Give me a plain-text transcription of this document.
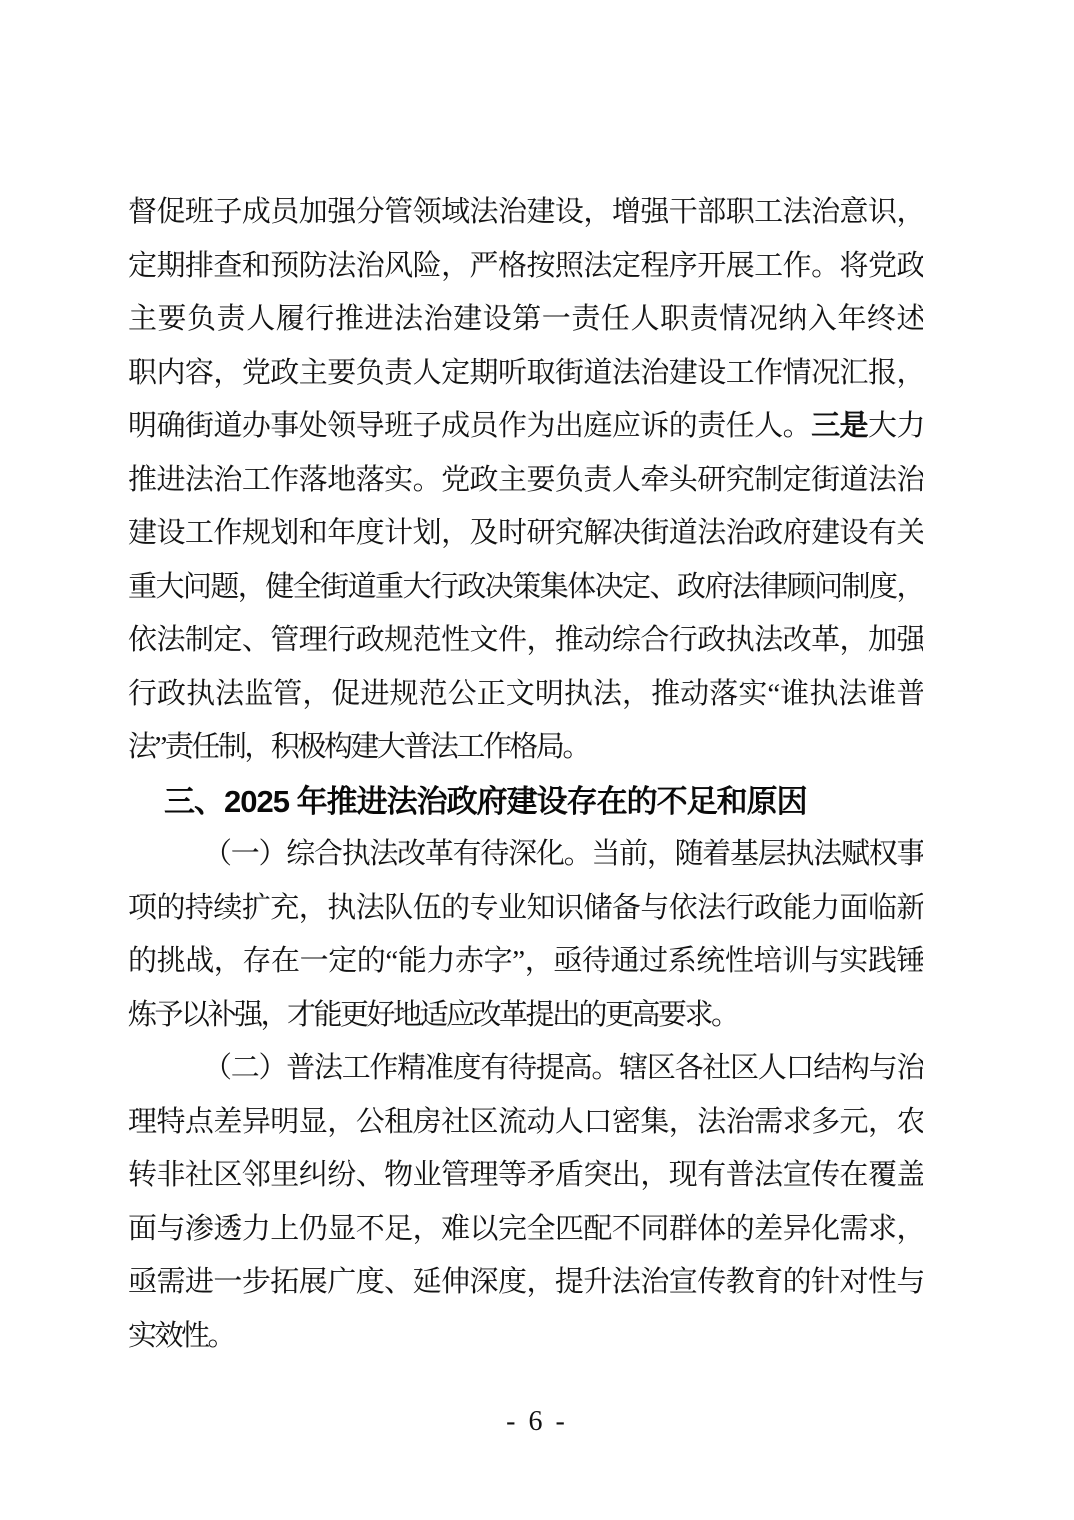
督促班子成员加强分管领域法治建设，增强干部职工法治意识，

定期排查和预防法治风险，严格按照法定程序开展工作。将党政

主要负责人履行推进法治建设第一责任人职责情况纳入年终述

职内容，党政主要负责人定期听取街道法治建设工作情况汇报，

明确街道办事处领导班子成员作为出庭应诉的责任人。三是大力

推进法治工作落地落实。党政主要负责人牵头研究制定街道法治

建设工作规划和年度计划，及时研究解决街道法治政府建设有关

重大问题，健全街道重大行政决策集体决定、政府法律顾问制度，

依法制定、管理行政规范性文件，推动综合行政执法改革，加强

行政执法监管，促进规范公正文明执法，推动落实“谁执法谁普

法”责任制，积极构建大普法工作格局。

三、2025 年推进法治政府建设存在的不足和原因

（一）综合执法改革有待深化。当前，随着基层执法赋权事

项的持续扩充，执法队伍的专业知识储备与依法行政能力面临新

的挑战，存在一定的“能力赤字”，亟待通过系统性培训与实践锤

炼予以补强，才能更好地适应改革提出的更高要求。

（二）普法工作精准度有待提高。辖区各社区人口结构与治

理特点差异明显，公租房社区流动人口密集，法治需求多元，农

转非社区邻里纠纷、物业管理等矛盾突出，现有普法宣传在覆盖

面与渗透力上仍显不足，难以完全匹配不同群体的差异化需求，

亟需进一步拓展广度、延伸深度，提升法治宣传教育的针对性与

实效性。

- 6 -
